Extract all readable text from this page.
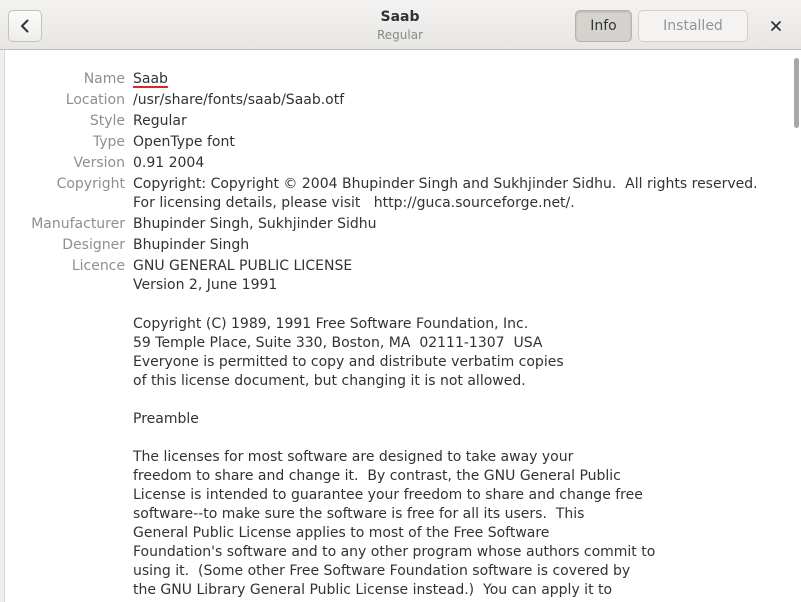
Saab
Regular
Info	Installed
Name Saab
Location /usr/share/fonts/saab/Saab.otf
Style Regular
Type OpenType font
Version 0.91 2004
Copyright Copyright: Copyright © 2004 Bhupinder Singh and Sukhjinder Sidhu.  All rights reserved.
For licensing details, please visit   http://guca.sourceforge.net/.
Manufacturer Bhupinder Singh, Sukhjinder Sidhu
Designer Bhupinder Singh
Licence GNU GENERAL PUBLIC LICENSE
Version 2, June 1991
Copyright (C) 1989, 1991 Free Software Foundation, Inc.
59 Temple Place, Suite 330, Boston, MA  02111-1307  USA
Everyone is permitted to copy and distribute verbatim copies
of this license document, but changing it is not allowed.

Preamble

The licenses for most software are designed to take away your
freedom to share and change it.  By contrast, the GNU General Public
License is intended to guarantee your freedom to share and change free
software--to make sure the software is free for all its users.  This
General Public License applies to most of the Free Software
Foundation's software and to any other program whose authors commit to
using it.  (Some other Free Software Foundation software is covered by
the GNU Library General Public License instead.)  You can apply it to
